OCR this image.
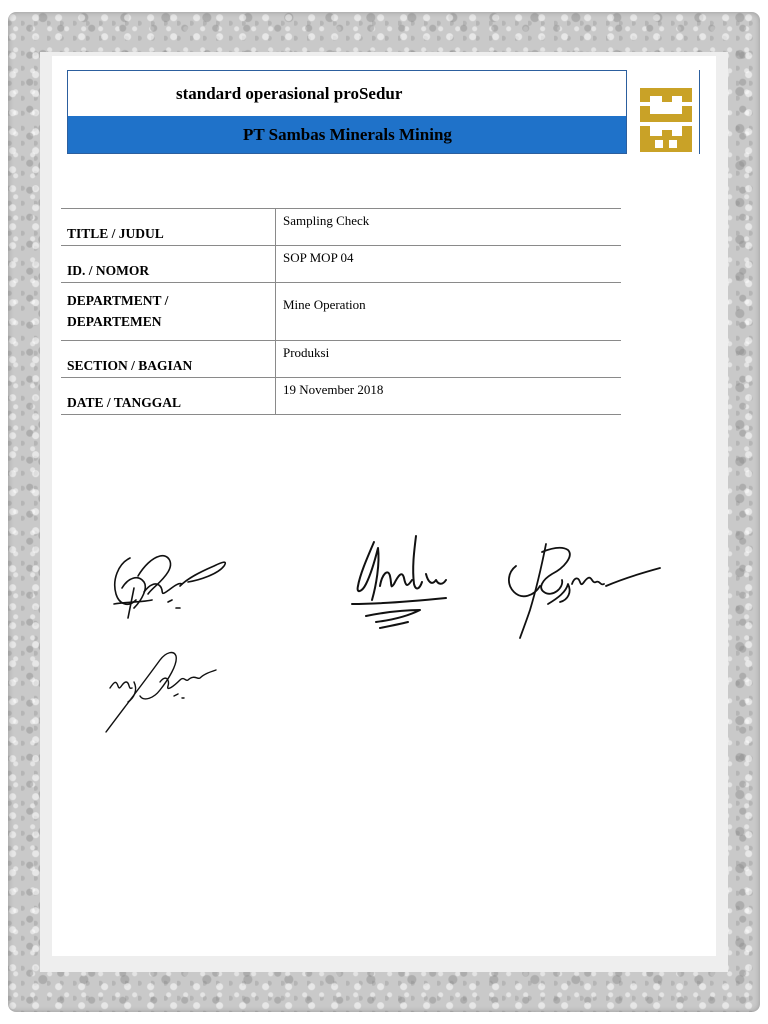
standard operasional proSedur
PT Sambas Minerals Mining
TITLE / JUDUL	Sampling Check
ID. / NOMOR	SOP MOP 04

DEPARTMENT /
DEPARTEMEN	Mine Operation
SECTION / BAGIAN	Produksi
DATE / TANGGAL	19 November 2018
